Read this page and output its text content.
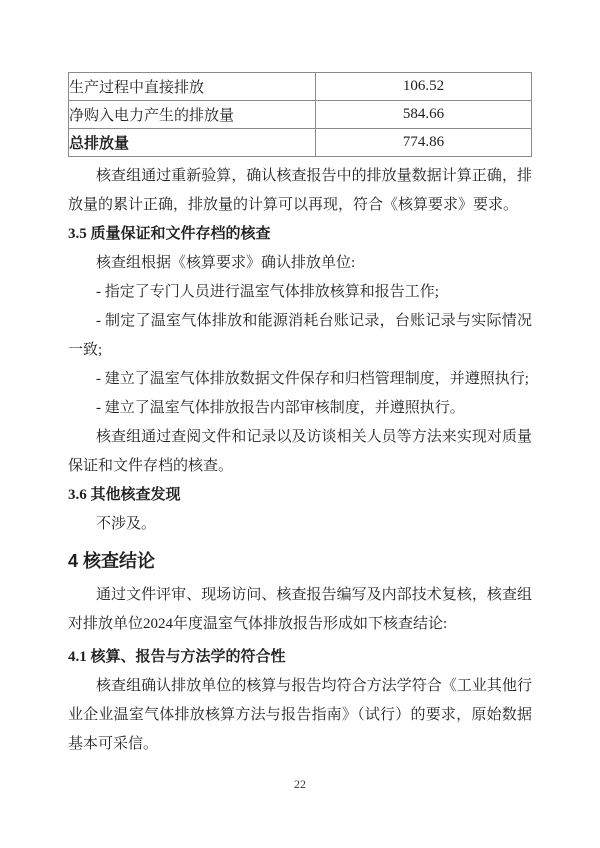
生产过程中直接排放	106.52
净购入电力产生的排放量	584.66
总排放量	774.86

核查组通过重新验算，确认核查报告中的排放量数据计算正确，排放量的累计正确，排放量的计算可以再现，符合《核算要求》要求。

3.5 质量保证和文件存档的核查

核查组根据《核算要求》确认排放单位:

- 指定了专门人员进行温室气体排放核算和报告工作;

- 制定了温室气体排放和能源消耗台账记录，台账记录与实际情况一致;

- 建立了温室气体排放数据文件保存和归档管理制度，并遵照执行;

- 建立了温室气体排放报告内部审核制度，并遵照执行。

核查组通过查阅文件和记录以及访谈相关人员等方法来实现对质量保证和文件存档的核查。

3.6 其他核查发现

不涉及。

4 核查结论

通过文件评审、现场访问、核查报告编写及内部技术复核，核查组对排放单位2024年度温室气体排放报告形成如下核查结论:

4.1 核算、报告与方法学的符合性

核查组确认排放单位的核算与报告均符合方法学符合《工业其他行业企业温室气体排放核算方法与报告指南》（试行）的要求，原始数据基本可采信。

22
